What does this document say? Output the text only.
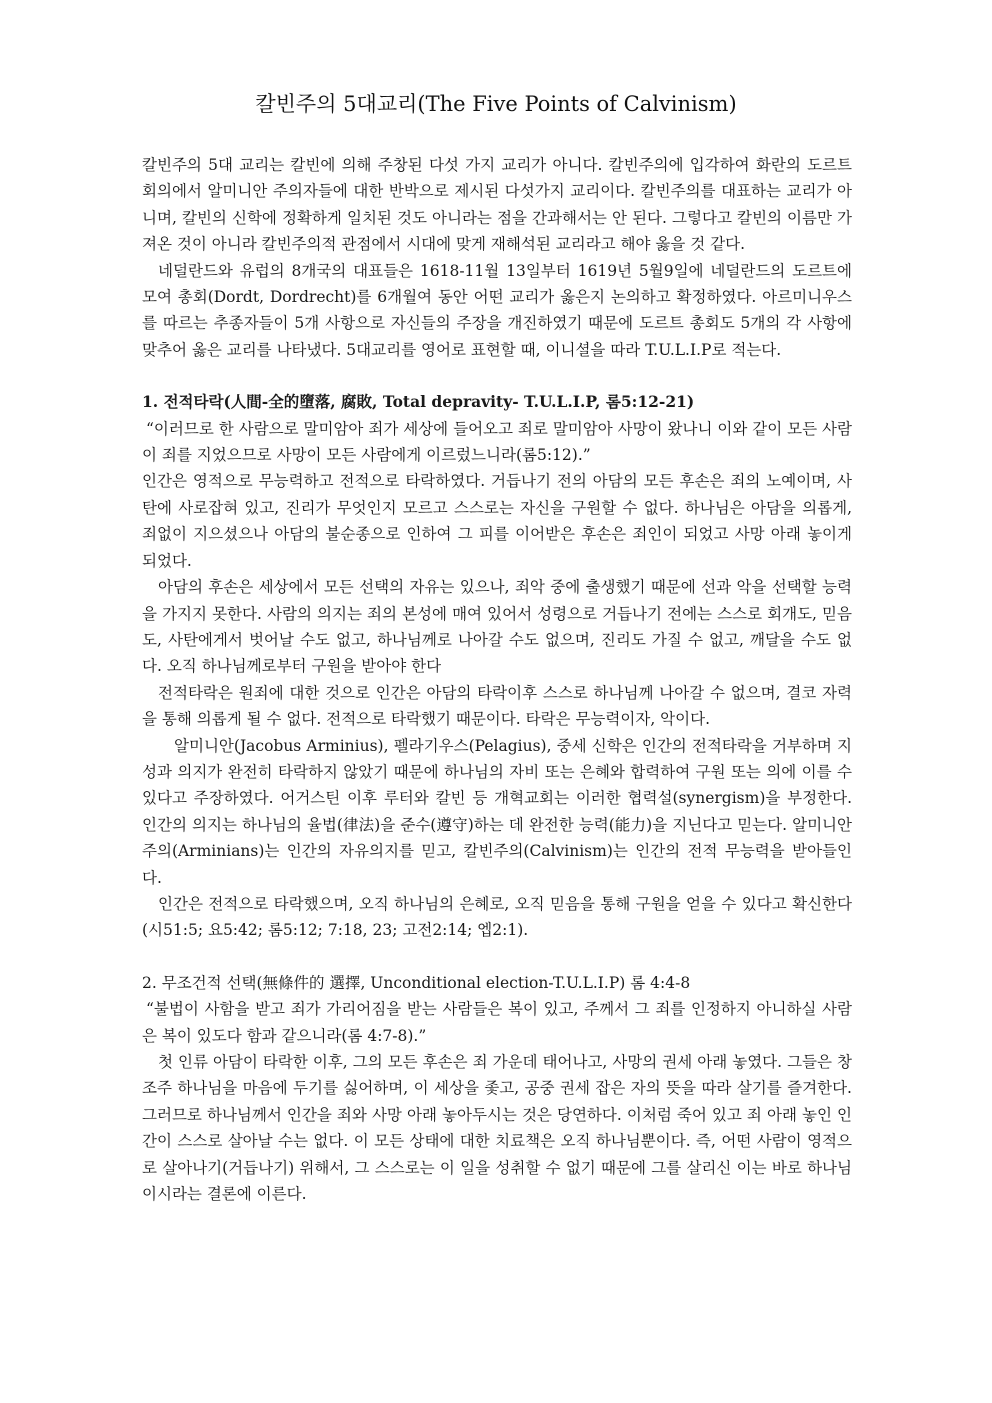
칼빈주의 5대교리(The Five Points of Calvinism)

칼빈주의 5대 교리는 칼빈에 의해 주창된 다섯 가지 교리가 아니다. 칼빈주의에 입각하여 화란의 도르트 회의에서 알미니안 주의자들에 대한 반박으로 제시된 다섯가지 교리이다. 칼빈주의를 대표하는 교리가 아니며, 칼빈의 신학에 정확하게 일치된 것도 아니라는 점을 간과해서는 안 된다. 그렇다고 칼빈의 이름만 가져온 것이 아니라 칼빈주의적 관점에서 시대에 맞게 재해석된 교리라고 해야 옳을 것 같다.

네덜란드와 유럽의 8개국의 대표들은 1618-11월 13일부터 1619년 5월9일에 네덜란드의 도르트에 모여 총회(Dordt, Dordrecht)를 6개월여 동안 어떤 교리가 옳은지 논의하고 확정하였다. 아르미니우스를 따르는 추종자들이 5개 사항으로 자신들의 주장을 개진하였기 때문에 도르트 총회도 5개의 각 사항에 맞추어 옳은 교리를 나타냈다. 5대교리를 영어로 표현할 때, 이니셜을 따라 T.U.L.I.P로 적는다.

1. 전적타락(人間-全的墮落, 腐敗, Total depravity- T.U.L.I.P, 롬5:12-21)

“이러므로 한 사람으로 말미암아 죄가 세상에 들어오고 죄로 말미암아 사망이 왔나니 이와 같이 모든 사람이 죄를 지었으므로 사망이 모든 사람에게 이르렀느니라(롬5:12).”

인간은 영적으로 무능력하고 전적으로 타락하였다. 거듭나기 전의 아담의 모든 후손은 죄의 노예이며, 사탄에 사로잡혀 있고, 진리가 무엇인지 모르고 스스로는 자신을 구원할 수 없다. 하나님은 아담을 의롭게, 죄없이 지으셨으나 아담의 불순종으로 인하여 그 피를 이어받은 후손은 죄인이 되었고 사망 아래 놓이게 되었다.

아담의 후손은 세상에서 모든 선택의 자유는 있으나, 죄악 중에 출생했기 때문에 선과 악을 선택할 능력을 가지지 못한다. 사람의 의지는 죄의 본성에 매여 있어서 성령으로 거듭나기 전에는 스스로 회개도, 믿음도, 사탄에게서 벗어날 수도 없고, 하나님께로 나아갈 수도 없으며, 진리도 가질 수 없고, 깨달을 수도 없다. 오직 하나님께로부터 구원을 받아야 한다

전적타락은 원죄에 대한 것으로 인간은 아담의 타락이후 스스로 하나님께 나아갈 수 없으며, 결코 자력을 통해 의롭게 될 수 없다. 전적으로 타락했기 때문이다. 타락은 무능력이자, 악이다.

알미니안(Jacobus Arminius), 펠라기우스(Pelagius), 중세 신학은 인간의 전적타락을 거부하며 지성과 의지가 완전히 타락하지 않았기 때문에 하나님의 자비 또는 은혜와 합력하여 구원 또는 의에 이를 수 있다고 주장하였다. 어거스틴 이후 루터와 칼빈 등 개혁교회는 이러한 협력설(synergism)을 부정한다. 인간의 의지는 하나님의 율법(律法)을 준수(遵守)하는 데 완전한 능력(能力)을 지닌다고 믿는다. 알미니안주의(Arminians)는 인간의 자유의지를 믿고, 칼빈주의(Calvinism)는 인간의 전적 무능력을 받아들인다.

인간은 전적으로 타락했으며, 오직 하나님의 은혜로, 오직 믿음을 통해 구원을 얻을 수 있다고 확신한다(시51:5; 요5:42; 롬5:12; 7:18, 23; 고전2:14; 엡2:1).

2. 무조건적 선택(無條件的 選擇, Unconditional election-T.U.L.I.P) 롬 4:4-8

“불법이 사함을 받고 죄가 가리어짐을 받는 사람들은 복이 있고, 주께서 그 죄를 인정하지 아니하실 사람은 복이 있도다 함과 같으니라(롬 4:7-8).”

첫 인류 아담이 타락한 이후, 그의 모든 후손은 죄 가운데 태어나고, 사망의 권세 아래 놓였다. 그들은 창조주 하나님을 마음에 두기를 싫어하며, 이 세상을 좇고, 공중 권세 잡은 자의 뜻을 따라 살기를 즐겨한다. 그러므로 하나님께서 인간을 죄와 사망 아래 놓아두시는 것은 당연하다. 이처럼 죽어 있고 죄 아래 놓인 인간이 스스로 살아날 수는 없다. 이 모든 상태에 대한 치료책은 오직 하나님뿐이다. 즉, 어떤 사람이 영적으로 살아나기(거듭나기) 위해서, 그 스스로는 이 일을 성취할 수 없기 때문에 그를 살리신 이는 바로 하나님이시라는 결론에 이른다.
